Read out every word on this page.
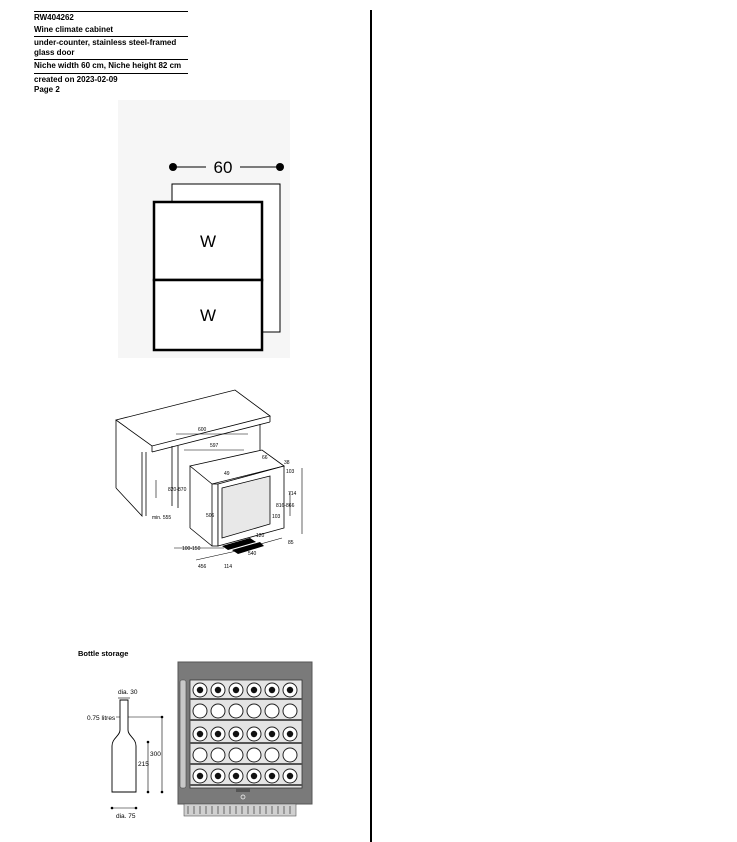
RW404262
Wine climate cabinet
under-counter, stainless steel-framed glass door
Niche width 60 cm, Niche height 82 cm
created on 2023-02-09
Page 2
60
W
W
600
597
820-870
min. 555
100-150
456	114
540
49
66
38
103
714
816-866
103
506
85
120
Bottle storage
dia. 30
0.75 litres
300
215
dia. 75
